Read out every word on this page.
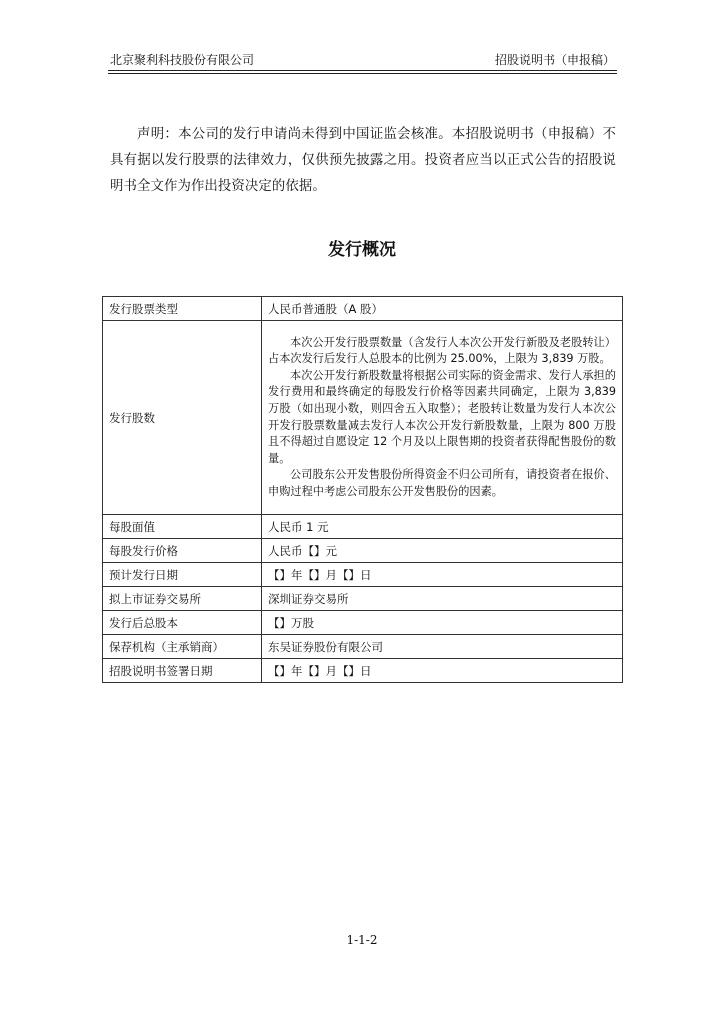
北京聚利科技股份有限公司	招股说明书（申报稿）

声明：本公司的发行申请尚未得到中国证监会核准。本招股说明书（申报稿）不具有据以发行股票的法律效力，仅供预先披露之用。投资者应当以正式公告的招股说明书全文作为作出投资决定的依据。

发行概况
发行股票类型	人民币普通股（A 股）
发行股数	本次公开发行股票数量（含发行人本次公开发行新股及老股转让）占本次发行后发行人总股本的比例为 25.00%，上限为 3,839 万股。

本次公开发行新股数量将根据公司实际的资金需求、发行人承担的发行费用和最终确定的每股发行价格等因素共同确定，上限为 3,839 万股（如出现小数，则四舍五入取整）；老股转让数量为发行人本次公开发行股票数量减去发行人本次公开发行新股数量，上限为 800 万股且不得超过自愿设定 12 个月及以上限售期的投资者获得配售股份的数量。

公司股东公开发售股份所得资金不归公司所有，请投资者在报价、申购过程中考虑公司股东公开发售股份的因素。

每股面值	人民币 1 元
每股发行价格	人民币【】元
预计发行日期	【】年【】月【】日
拟上市证券交易所	深圳证券交易所
发行后总股本	【】万股
保荐机构（主承销商）	东吴证券股份有限公司
招股说明书签署日期	【】年【】月【】日
1-1-2
